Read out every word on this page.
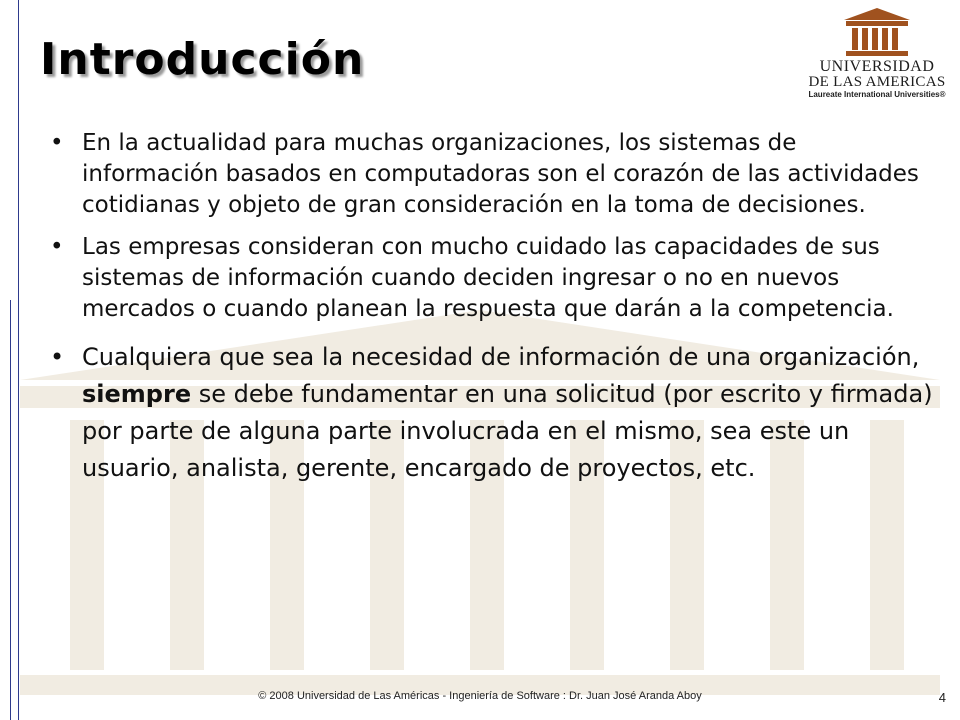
Introducción	UNIVERSIDAD
DE LAS AMERICAS
Laureate International Universities®
• En la actualidad para muchas organizaciones, los sistemas de información basados en computadoras son el corazón de las actividades cotidianas y objeto de gran consideración en la toma de decisiones.
• Las empresas consideran con mucho cuidado las capacidades de sus sistemas de información cuando deciden ingresar o no en nuevos mercados o cuando planean la respuesta que darán a la competencia.
• Cualquiera que sea la necesidad de información de una organización, siempre se debe fundamentar en una solicitud (por escrito y firmada) por parte de alguna parte involucrada en el mismo, sea este un usuario, analista, gerente, encargado de proyectos, etc.
© 2008 Universidad de Las Américas - Ingeniería de Software : Dr. Juan José Aranda Aboy	4
